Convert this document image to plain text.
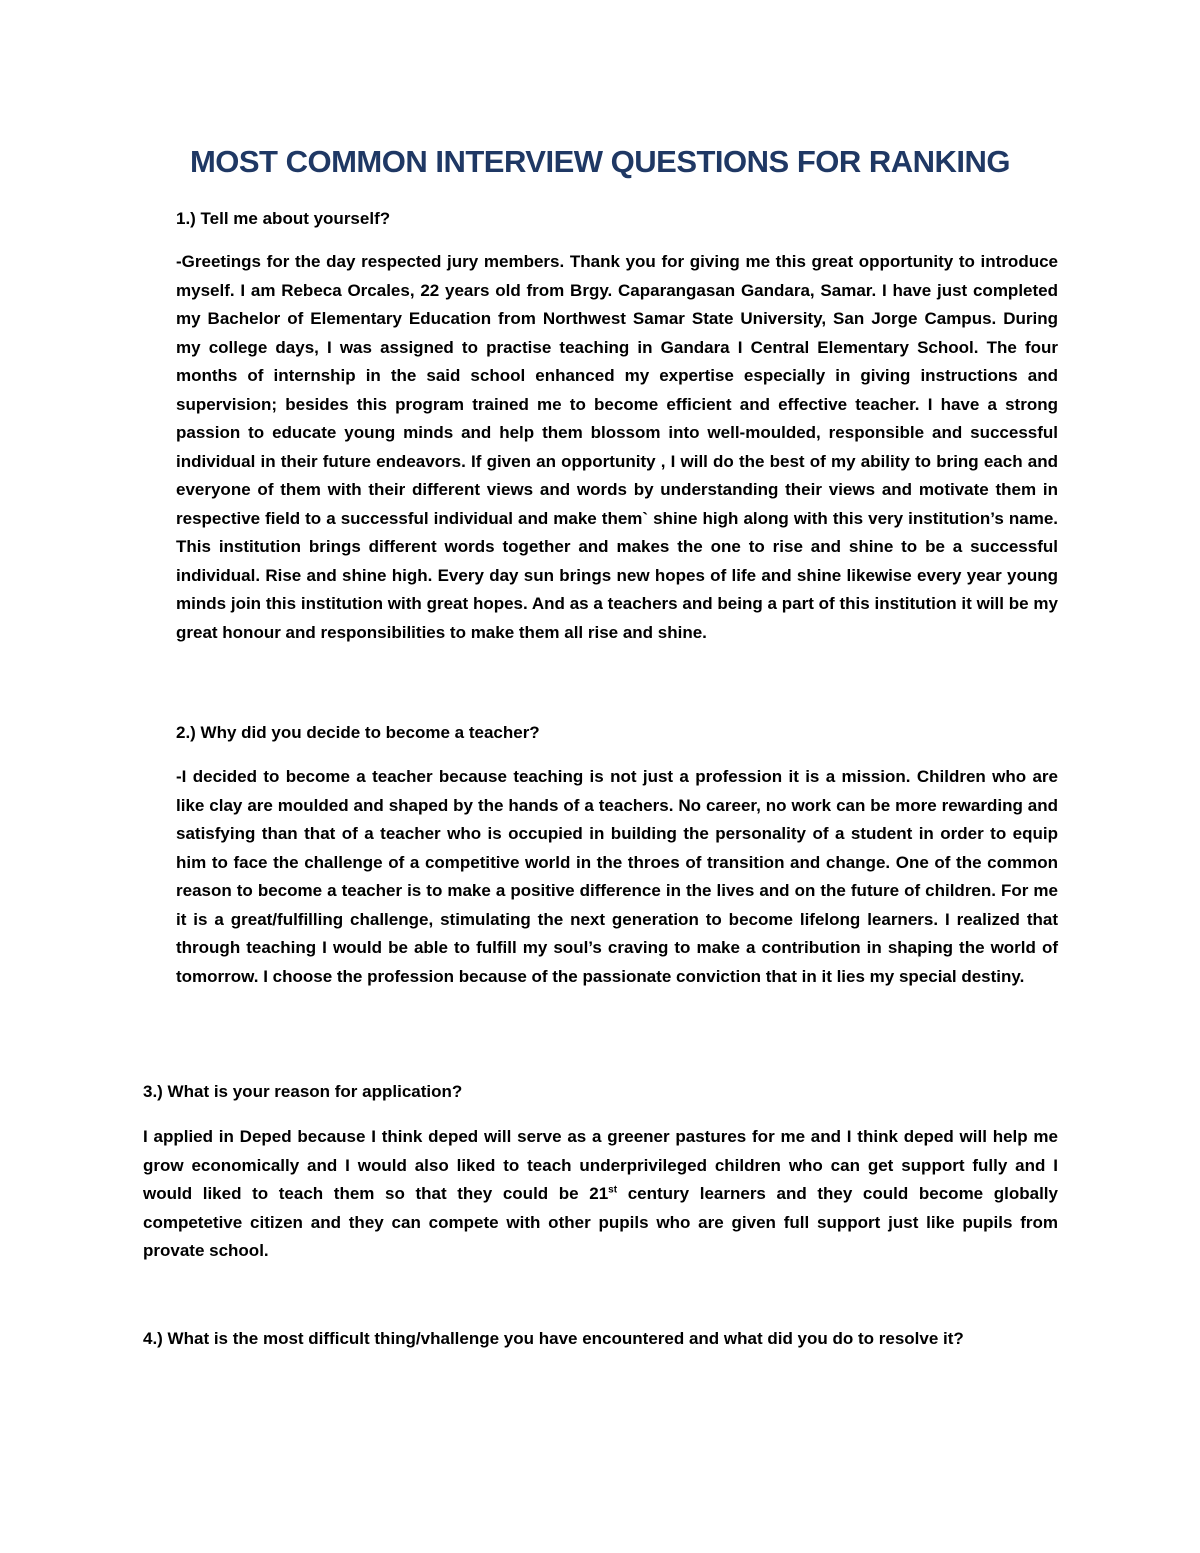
MOST COMMON INTERVIEW QUESTIONS FOR RANKING

1.) Tell me about yourself?

-Greetings for the day respected jury members. Thank you for giving me this great opportunity to introduce myself. I am Rebeca Orcales, 22 years old from Brgy. Caparangasan Gandara, Samar. I have just completed my Bachelor of Elementary Education from Northwest Samar State University, San Jorge Campus. During my college days, I was assigned to practise teaching in Gandara I Central Elementary School. The four months of internship in the said school enhanced my expertise especially in giving instructions and supervision; besides this program trained me to become efficient and effective teacher. I have a strong passion to educate young minds and help them blossom into well-moulded, responsible and successful individual in their future endeavors. If given an opportunity , I will do the best of my ability to bring each and everyone of them with their different views and words by understanding their views and motivate them in respective field to a successful individual and make them` shine high along with this very institution’s name. This institution brings different words together and makes the one to rise and shine to be a successful individual. Rise and shine high. Every day sun brings new hopes of life and shine likewise every year young minds join this institution with great hopes. And as a teachers and being a part of this institution it will be my great honour and responsibilities to make them all rise and shine.

2.) Why did you decide to become a teacher?

-I decided to become a teacher because teaching is not just a profession it is a mission. Children who are like clay are moulded and shaped by the hands of a teachers. No career, no work can be more rewarding and satisfying than that of a teacher who is occupied in building the personality of a student in order to equip him to face the challenge of a competitive world in the throes of transition and change. One of the common reason to become a teacher is to make a positive difference in the lives and on the future of children. For me it is a great/fulfilling challenge, stimulating the next generation to become lifelong learners. I realized that through teaching I would be able to fulfill my soul’s craving to make a contribution in shaping the world of tomorrow. I choose the profession because of the passionate conviction that in it lies my special destiny.

3.) What is your reason for application?

I applied in Deped because I think deped will serve as a greener pastures for me and I think deped will help me grow economically and I would also liked to teach underprivileged children who can get support fully and I would liked to teach them so that they could be 21st century learners and they could become globally competetive citizen and they can compete with other pupils who are given full support just like pupils from provate school.

4.) What is the most difficult thing/vhallenge you have encountered and what did you do to resolve it?
